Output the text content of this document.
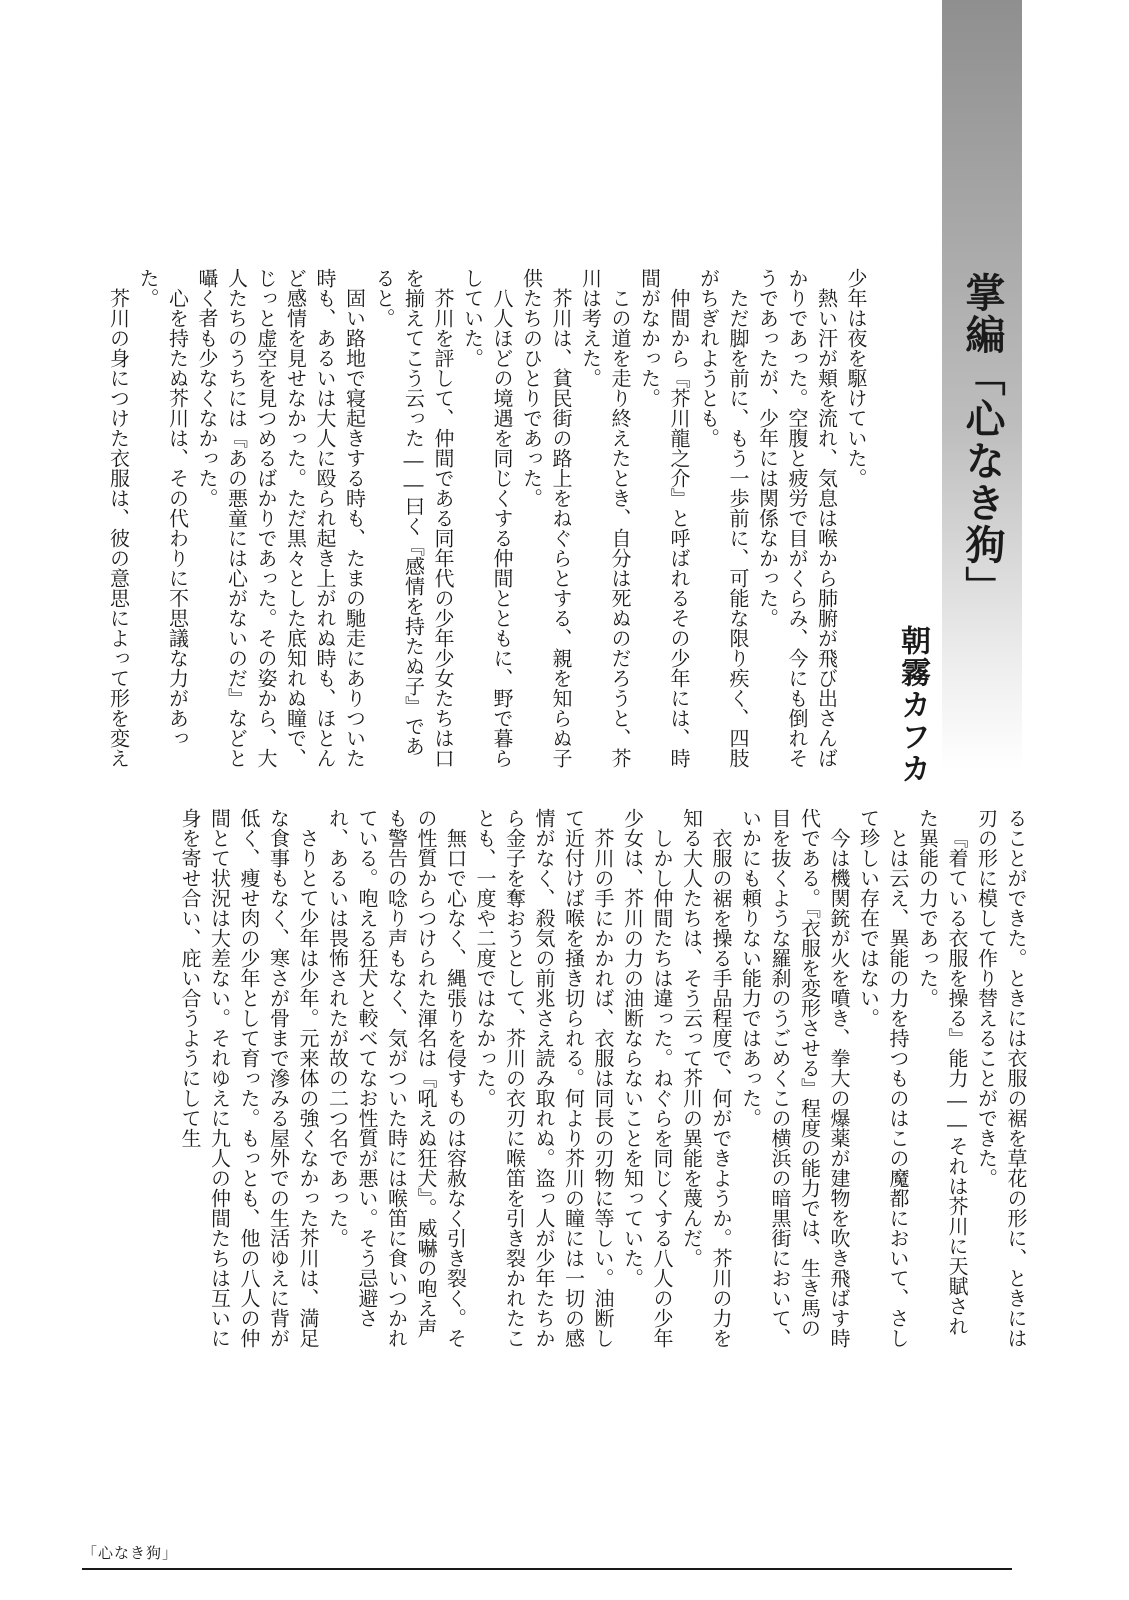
掌編「心なき狗」
朝霧カフカ

少年は夜を駆けていた。

熱い汗が頬を流れ、気息は喉から肺腑が飛び出さんばかりであった。空腹と疲労で目がくらみ、今にも倒れそうであったが、少年には関係なかった。

ただ脚を前に、もう一歩前に、可能な限り疾く、四肢がちぎれようとも。

仲間から『芥川龍之介』と呼ばれるその少年には、時間がなかった。

この道を走り終えたとき、自分は死ぬのだろうと、芥川は考えた。

芥川は、貧民街の路上をねぐらとする、親を知らぬ子供たちのひとりであった。

八人ほどの境遇を同じくする仲間とともに、野で暮らしていた。

芥川を評して、仲間である同年代の少年少女たちは口を揃えてこう云った――曰く『感情を持たぬ子』であると。

固い路地で寝起きする時も、たまの馳走にありついた時も、あるいは大人に殴られ起き上がれぬ時も、ほとんど感情を見せなかった。ただ黒々とした底知れぬ瞳で、じっと虚空を見つめるばかりであった。その姿から、大人たちのうちには『あの悪童には心がないのだ』などと囁く者も少なくなかった。

心を持たぬ芥川は、その代わりに不思議な力があった。

芥川の身につけた衣服は、彼の意思によって形を変え

ることができた。ときには衣服の裾を草花の形に、ときには刃の形に模して作り替えることができた。

『着ている衣服を操る』能力――それは芥川に天賦された異能の力であった。

とは云え、異能の力を持つものはこの魔都において、さして珍しい存在ではない。

今は機関銃が火を噴き、拳大の爆薬が建物を吹き飛ばす時代である。『衣服を変形させる』程度の能力では、生き馬の目を抜くような羅刹のうごめくこの横浜の暗黒街において、いかにも頼りない能力ではあった。

衣服の裾を操る手品程度で、何ができようか。芥川の力を知る大人たちは、そう云って芥川の異能を蔑んだ。

しかし仲間たちは違った。ねぐらを同じくする八人の少年少女は、芥川の力の油断ならないことを知っていた。

芥川の手にかかれば、衣服は同長の刃物に等しい。油断して近付けば喉を掻き切られる。何より芥川の瞳には一切の感情がなく、殺気の前兆さえ読み取れぬ。盗っ人が少年たちから金子を奪おうとして、芥川の衣刃に喉笛を引き裂かれたことも、一度や二度ではなかった。

無口で心なく、縄張りを侵すものは容赦なく引き裂く。その性質からつけられた渾名は『吼えぬ狂犬』。威嚇の咆え声も警告の唸り声もなく、気がついた時には喉笛に食いつかれている。咆える狂犬と較べてなお性質が悪い。そう忌避され、あるいは畏怖されたが故の二つ名であった。

さりとて少年は少年。元来体の強くなかった芥川は、満足な食事もなく、寒さが骨まで滲みる屋外での生活ゆえに背が低く、痩せ肉の少年として育った。もっとも、他の八人の仲間とて状況は大差ない。それゆえに九人の仲間たちは互いに身を寄せ合い、庇い合うようにして生

「心なき狗」
